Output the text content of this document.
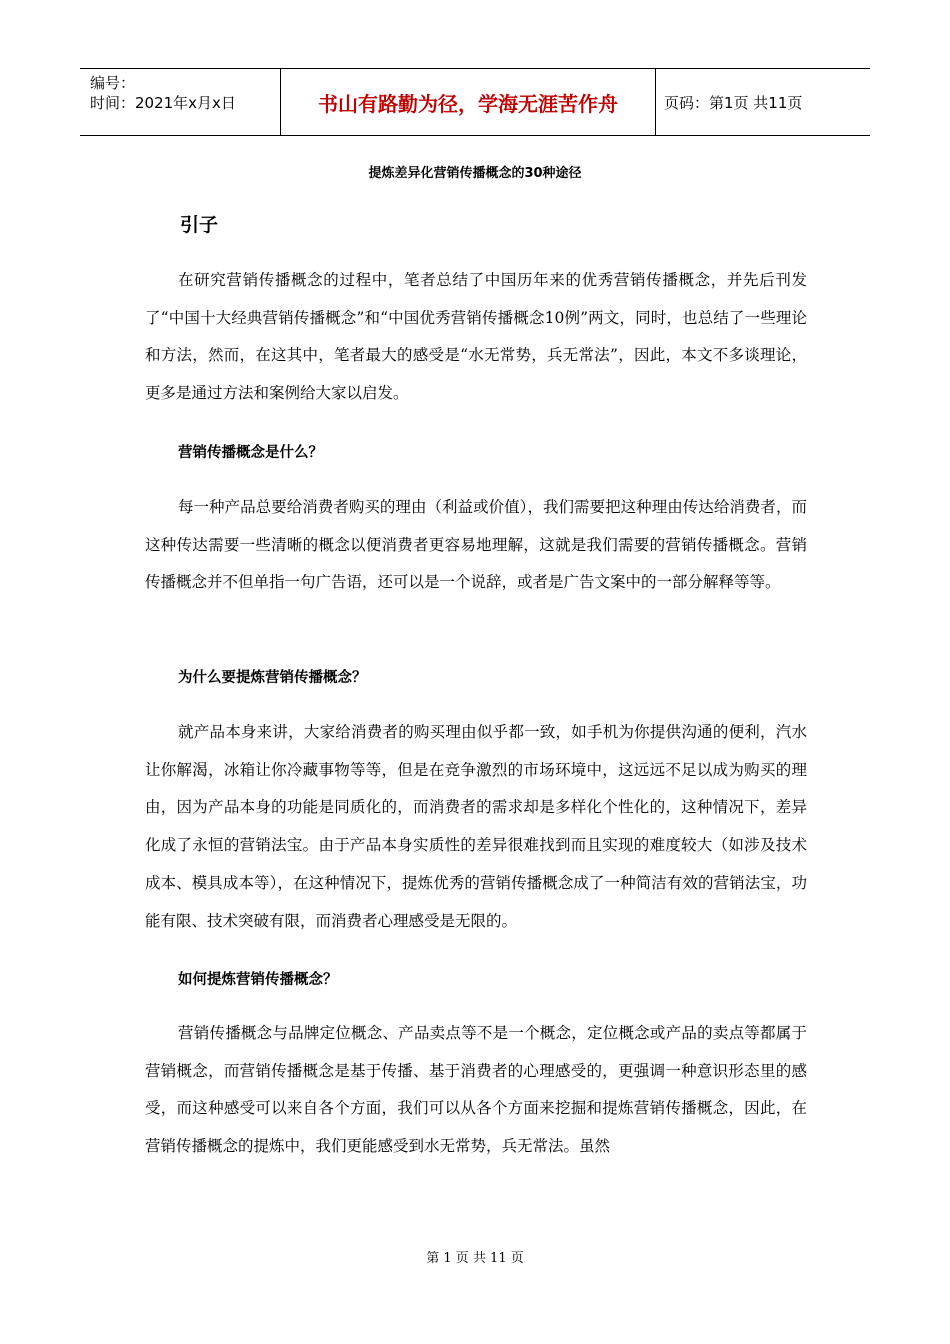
编号：
时间：2021年x月x日	书山有路勤为径，学海无涯苦作舟	页码：第1页 共11页
提炼差异化营销传播概念的30种途径
引子

在研究营销传播概念的过程中，笔者总结了中国历年来的优秀营销传播概念，并先后刊发了“中国十大经典营销传播概念”和“中国优秀营销传播概念10例”两文，同时，也总结了一些理论和方法，然而，在这其中，笔者最大的感受是“水无常势，兵无常法”，因此，本文不多谈理论，更多是通过方法和案例给大家以启发。

营销传播概念是什么？

每一种产品总要给消费者购买的理由（利益或价值），我们需要把这种理由传达给消费者，而这种传达需要一些清晰的概念以便消费者更容易地理解，这就是我们需要的营销传播概念。营销传播概念并不但单指一句广告语，还可以是一个说辞，或者是广告文案中的一部分解释等等。

为什么要提炼营销传播概念？

就产品本身来讲，大家给消费者的购买理由似乎都一致，如手机为你提供沟通的便利，汽水让你解渴，冰箱让你冷藏事物等等，但是在竞争激烈的市场环境中，这远远不足以成为购买的理由，因为产品本身的功能是同质化的，而消费者的需求却是多样化个性化的，这种情况下，差异化成了永恒的营销法宝。由于产品本身实质性的差异很难找到而且实现的难度较大（如涉及技术成本、模具成本等），在这种情况下，提炼优秀的营销传播概念成了一种简洁有效的营销法宝，功能有限、技术突破有限，而消费者心理感受是无限的。

如何提炼营销传播概念？

营销传播概念与品牌定位概念、产品卖点等不是一个概念，定位概念或产品的卖点等都属于营销概念，而营销传播概念是基于传播、基于消费者的心理感受的，更强调一种意识形态里的感受，而这种感受可以来自各个方面，我们可以从各个方面来挖掘和提炼营销传播概念，因此，在营销传播概念的提炼中，我们更能感受到水无常势，兵无常法。虽然

第 1 页 共 11 页
